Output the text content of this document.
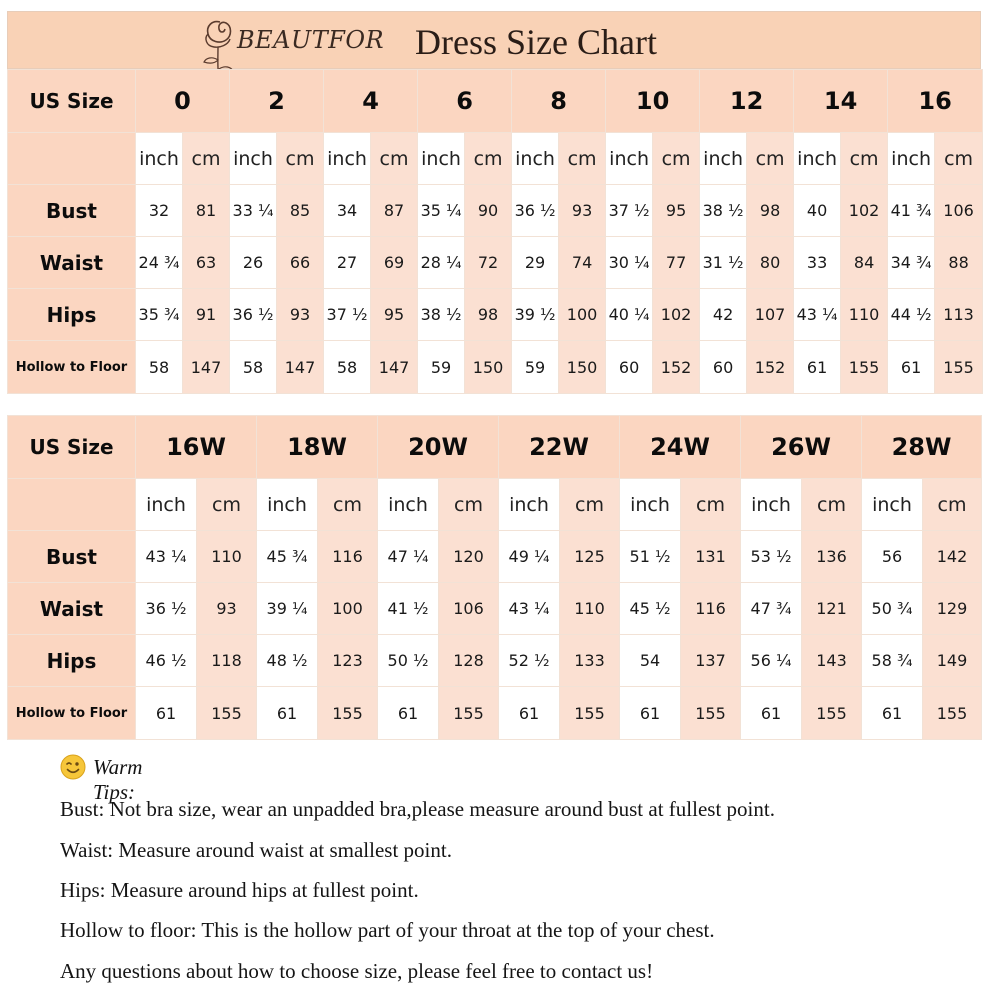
BEAUTFOR Dress Size Chart
US Size	0		2		4		6		8		10		12		14		16	
	inch	cm	inch	cm	inch	cm	inch	cm	inch	cm	inch	cm	inch	cm	inch	cm	inch	cm
Bust	32	81	33 ¼	85	34	87	35 ¼	90	36 ½	93	37 ½	95	38 ½	98	40	102	41 ¾	106
Waist	24 ¾	63	26	66	27	69	28 ¼	72	29	74	30 ¼	77	31 ½	80	33	84	34 ¾	88
Hips	35 ¾	91	36 ½	93	37 ½	95	38 ½	98	39 ½	100	40 ¼	102	42	107	43 ¼	110	44 ½	113
Hollow to Floor	58	147	58	147	58	147	59	150	59	150	60	152	60	152	61	155	61	155
US Size	16W		18W		20W		22W		24W		26W		28W	
	inch	cm	inch	cm	inch	cm	inch	cm	inch	cm	inch	cm	inch	cm
Bust	43 ¼	110	45 ¾	116	47 ¼	120	49 ¼	125	51 ½	131	53 ½	136	56	142
Waist	36 ½	93	39 ¼	100	41 ½	106	43 ¼	110	45 ½	116	47 ¾	121	50 ¾	129
Hips	46 ½	118	48 ½	123	50 ½	128	52 ½	133	54	137	56 ¼	143	58 ¾	149
Hollow to Floor	61	155	61	155	61	155	61	155	61	155	61	155	61	155
Warm Tips:
Bust: Not bra size, wear an unpadded bra,please measure around bust at fullest point.
Waist: Measure around waist at smallest point.
Hips: Measure around hips at fullest point.
Hollow to floor: This is the hollow part of your throat at the top of your chest.
Any questions about how to choose size, please feel free to contact us!
